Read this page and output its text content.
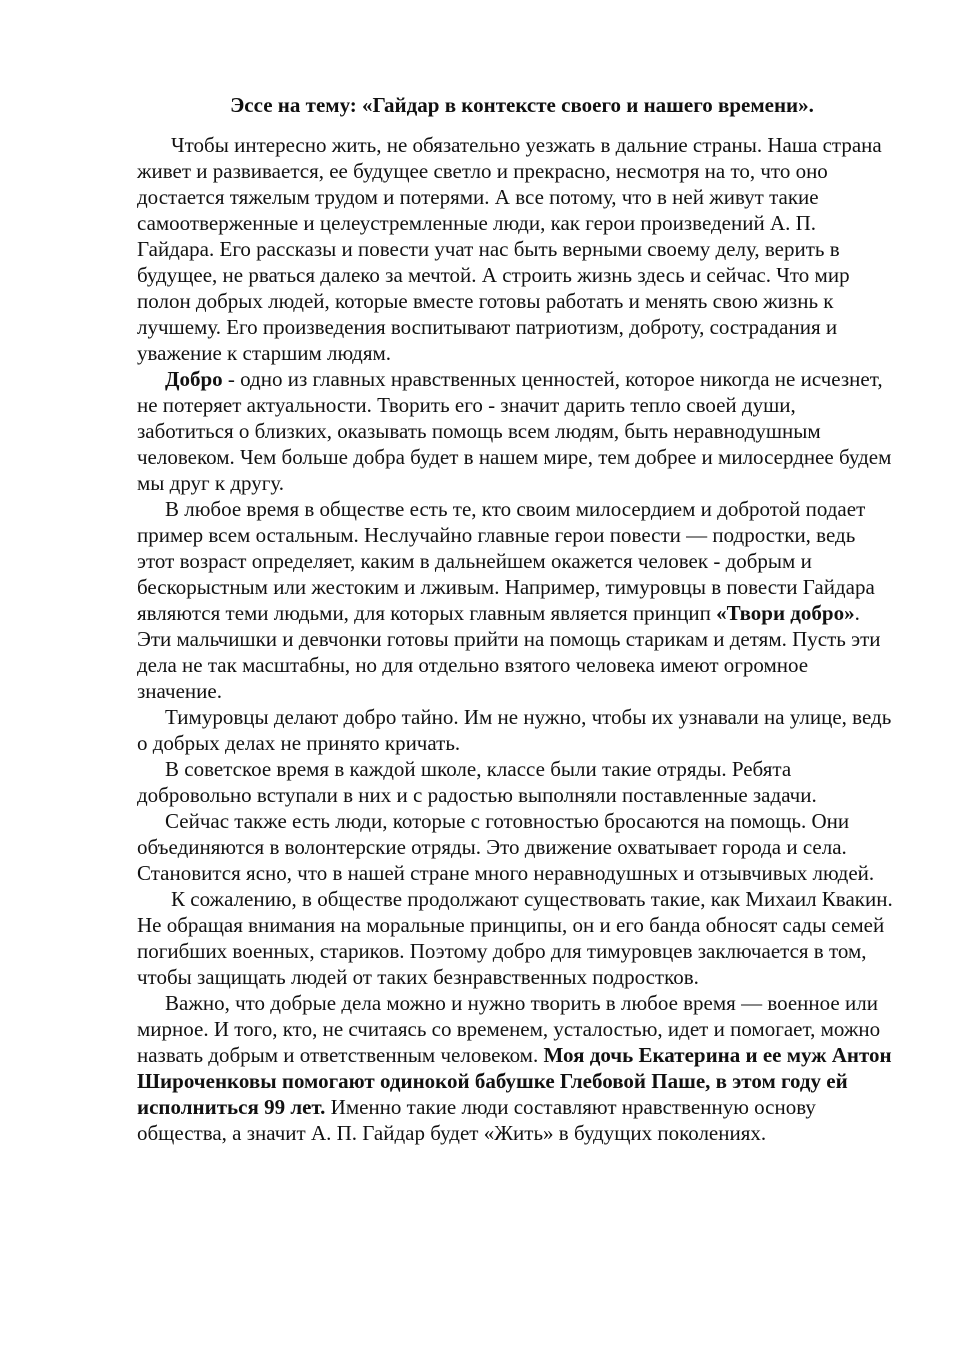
Эссе на тему: «Гайдар в контексте своего и нашего времени».

Чтобы интересно жить, не обязательно уезжать в дальние страны. Наша страна живет и развивается, ее будущее светло и прекрасно, несмотря на то, что оно достается тяжелым трудом и потерями. А все потому, что в ней живут такие самоотверженные и целеустремленные люди, как герои произведений А. П. Гайдара. Его рассказы и повести учат нас быть верными своему делу, верить в будущее, не рваться далеко за мечтой. А строить жизнь здесь и сейчас. Что мир полон добрых людей, которые вместе готовы работать и менять свою жизнь к лучшему. Его произведения воспитывают патриотизм, доброту, сострадания и уважение к старшим людям.

Добро - одно из главных нравственных ценностей, которое никогда не исчезнет, не потеряет актуальности. Творить его - значит дарить тепло своей души, заботиться о близких, оказывать помощь всем людям, быть неравнодушным человеком. Чем больше добра будет в нашем мире, тем добрее и милосерднее будем мы друг к другу.

В любое время в обществе есть те, кто своим милосердием и добротой подает пример всем остальным. Неслучайно главные герои повести — подростки, ведь этот возраст определяет, каким в дальнейшем окажется человек - добрым и бескорыстным или жестоким и лживым. Например, тимуровцы в повести Гайдара являются теми людьми, для которых главным является принцип «Твори добро». Эти мальчишки и девчонки готовы прийти на помощь старикам и детям. Пусть эти дела не так масштабны, но для отдельно взятого человека имеют огромное значение.

Тимуровцы делают добро тайно. Им не нужно, чтобы их узнавали на улице, ведь о добрых делах не принято кричать.

В советское время в каждой школе, классе были такие отряды. Ребята добровольно вступали в них и с радостью выполняли поставленные задачи.

Сейчас также есть люди, которые с готовностью бросаются на помощь. Они объединяются в волонтерские отряды. Это движение охватывает города и села. Становится ясно, что в нашей стране много неравнодушных и отзывчивых людей.

К сожалению, в обществе продолжают существовать такие, как Михаил Квакин. Не обращая внимания на моральные принципы, он и его банда обносят сады семей погибших военных, стариков. Поэтому добро для тимуровцев заключается в том, чтобы защищать людей от таких безнравственных подростков.

Важно, что добрые дела можно и нужно творить в любое время — военное или мирное. И того, кто, не считаясь со временем, усталостью, идет и помогает, можно назвать добрым и ответственным человеком. Моя дочь Екатерина и ее муж Антон Широченковы помогают одинокой бабушке Глебовой Паше, в этом году ей исполниться 99 лет. Именно такие люди составляют нравственную основу общества, а значит А. П. Гайдар будет «Жить» в будущих поколениях.
